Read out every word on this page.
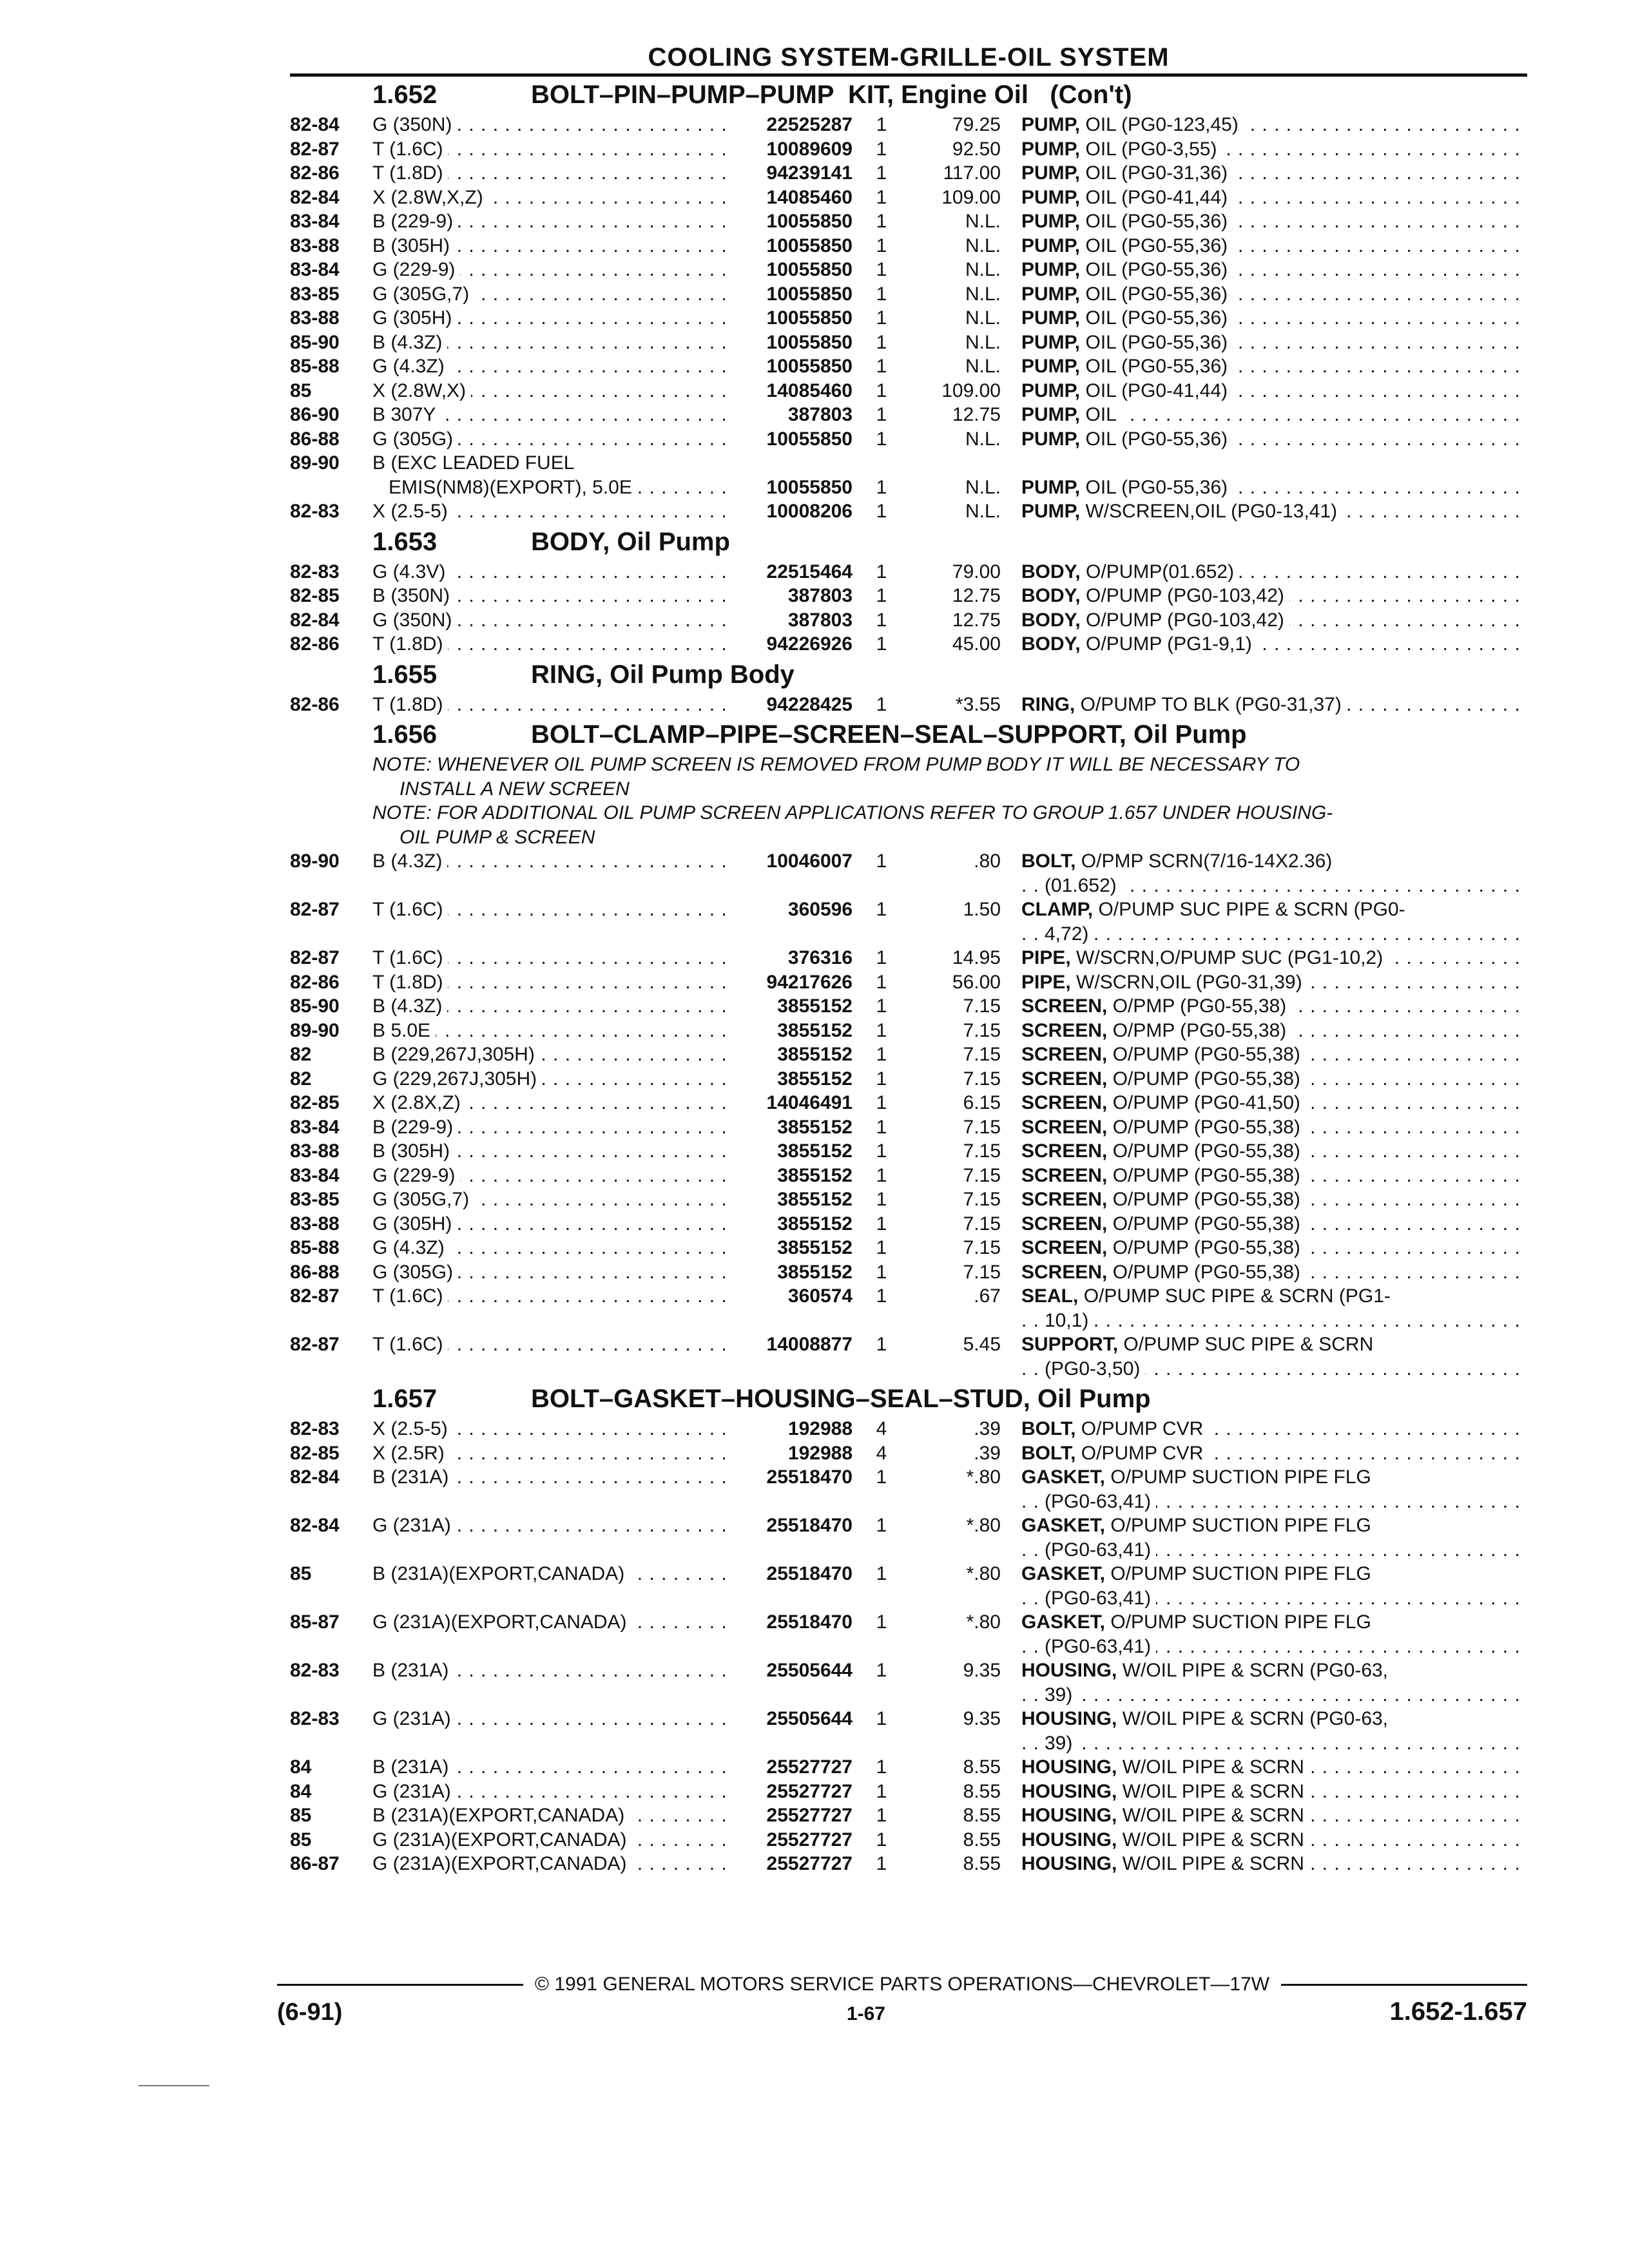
COOLING SYSTEM-GRILLE-OIL SYSTEM
1.652	BOLT–PIN–PUMP–PUMP  KIT, Engine Oil   (Con't)
82-84	G (350N) . . .	22525287	1	79.25	PUMP, OIL (PG0-123,45) . . .
82-87	T (1.6C) . . .	10089609	1	92.50	PUMP, OIL (PG0-3,55) . . .
82-86	T (1.8D) . . .	94239141	1	117.00	PUMP, OIL (PG0-31,36) . . .
82-84	X (2.8W,X,Z) . . .	14085460	1	109.00	PUMP, OIL (PG0-41,44) . . .
83-84	B (229-9) . . .	10055850	1	N.L.	PUMP, OIL (PG0-55,36) . . .
83-88	B (305H) . . .	10055850	1	N.L.	PUMP, OIL (PG0-55,36) . . .
83-84	G (229-9) . . .	10055850	1	N.L.	PUMP, OIL (PG0-55,36) . . .
83-85	G (305G,7) . . .	10055850	1	N.L.	PUMP, OIL (PG0-55,36) . . .
83-88	G (305H) . . .	10055850	1	N.L.	PUMP, OIL (PG0-55,36) . . .
85-90	B (4.3Z) . . .	10055850	1	N.L.	PUMP, OIL (PG0-55,36) . . .
85-88	G (4.3Z) . . .	10055850	1	N.L.	PUMP, OIL (PG0-55,36) . . .
85	X (2.8W,X) . . .	14085460	1	109.00	PUMP, OIL (PG0-41,44) . . .
86-90	B 307Y . . .	387803	1	12.75	PUMP, OIL . . .
86-88	G (305G) . . .	10055850	1	N.L.	PUMP, OIL (PG0-55,36) . . .
89-90	B (EXC LEADED FUEL
EMIS(NM8)(EXPORT), 5.0E . . .	10055850	1	N.L.	PUMP, OIL (PG0-55,36) . . .
82-83	X (2.5-5) . . .	10008206	1	N.L.	PUMP, W/SCREEN,OIL (PG0-13,41) . . .
1.653	BODY, Oil Pump
82-83	G (4.3V) . . .	22515464	1	79.00	BODY, O/PUMP(01.652) . . .
82-85	B (350N) . . .	387803	1	12.75	BODY, O/PUMP (PG0-103,42) . . .
82-84	G (350N) . . .	387803	1	12.75	BODY, O/PUMP (PG0-103,42) . . .
82-86	T (1.8D) . . .	94226926	1	45.00	BODY, O/PUMP (PG1-9,1) . . .
1.655	RING, Oil Pump Body
82-86	T (1.8D) . . .	94228425	1	*3.55	RING, O/PUMP TO BLK (PG0-31,37) . . .
1.656	BOLT–CLAMP–PIPE–SCREEN–SEAL–SUPPORT, Oil Pump
NOTE: WHENEVER OIL PUMP SCREEN IS REMOVED FROM PUMP BODY IT WILL BE NECESSARY TO
INSTALL A NEW SCREEN
NOTE: FOR ADDITIONAL OIL PUMP SCREEN APPLICATIONS REFER TO GROUP 1.657 UNDER HOUSING-
OIL PUMP & SCREEN
89-90	B (4.3Z) . . .	10046007	1	.80	BOLT, O/PMP SCRN(7/16-14X2.36)
(01.652) . . .
82-87	T (1.6C) . . .	360596	1	1.50	CLAMP, O/PUMP SUC PIPE & SCRN (PG0-
4,72) . . .
82-87	T (1.6C) . . .	376316	1	14.95	PIPE, W/SCRN,O/PUMP SUC (PG1-10,2) . . .
82-86	T (1.8D) . . .	94217626	1	56.00	PIPE, W/SCRN,OIL (PG0-31,39) . . .
85-90	B (4.3Z) . . .	3855152	1	7.15	SCREEN, O/PMP (PG0-55,38) . . .
89-90	B 5.0E . . .	3855152	1	7.15	SCREEN, O/PMP (PG0-55,38) . . .
82	B (229,267J,305H) . . .	3855152	1	7.15	SCREEN, O/PUMP (PG0-55,38) . . .
82	G (229,267J,305H) . . .	3855152	1	7.15	SCREEN, O/PUMP (PG0-55,38) . . .
82-85	X (2.8X,Z) . . .	14046491	1	6.15	SCREEN, O/PUMP (PG0-41,50) . . .
83-84	B (229-9) . . .	3855152	1	7.15	SCREEN, O/PUMP (PG0-55,38) . . .
83-88	B (305H) . . .	3855152	1	7.15	SCREEN, O/PUMP (PG0-55,38) . . .
83-84	G (229-9) . . .	3855152	1	7.15	SCREEN, O/PUMP (PG0-55,38) . . .
83-85	G (305G,7) . . .	3855152	1	7.15	SCREEN, O/PUMP (PG0-55,38) . . .
83-88	G (305H) . . .	3855152	1	7.15	SCREEN, O/PUMP (PG0-55,38) . . .
85-88	G (4.3Z) . . .	3855152	1	7.15	SCREEN, O/PUMP (PG0-55,38) . . .
86-88	G (305G) . . .	3855152	1	7.15	SCREEN, O/PUMP (PG0-55,38) . . .
82-87	T (1.6C) . . .	360574	1	.67	SEAL, O/PUMP SUC PIPE & SCRN (PG1-
10,1) . . .
82-87	T (1.6C) . . .	14008877	1	5.45	SUPPORT, O/PUMP SUC PIPE & SCRN
(PG0-3,50) . . .
1.657	BOLT–GASKET–HOUSING–SEAL–STUD, Oil Pump
82-83	X (2.5-5) . . .	192988	4	.39	BOLT, O/PUMP CVR . . .
82-85	X (2.5R) . . .	192988	4	.39	BOLT, O/PUMP CVR . . .
82-84	B (231A) . . .	25518470	1	*.80	GASKET, O/PUMP SUCTION PIPE FLG
(PG0-63,41) . . .
82-84	G (231A) . . .	25518470	1	*.80	GASKET, O/PUMP SUCTION PIPE FLG
(PG0-63,41) . . .
85	B (231A)(EXPORT,CANADA) . . .	25518470	1	*.80	GASKET, O/PUMP SUCTION PIPE FLG
(PG0-63,41) . . .
85-87	G (231A)(EXPORT,CANADA) . . .	25518470	1	*.80	GASKET, O/PUMP SUCTION PIPE FLG
(PG0-63,41) . . .
82-83	B (231A) . . .	25505644	1	9.35	HOUSING, W/OIL PIPE & SCRN (PG0-63,
39) . . .
82-83	G (231A) . . .	25505644	1	9.35	HOUSING, W/OIL PIPE & SCRN (PG0-63,
39) . . .
84	B (231A) . . .	25527727	1	8.55	HOUSING, W/OIL PIPE & SCRN . . .
84	G (231A) . . .	25527727	1	8.55	HOUSING, W/OIL PIPE & SCRN . . .
85	B (231A)(EXPORT,CANADA) . . .	25527727	1	8.55	HOUSING, W/OIL PIPE & SCRN . . .
85	G (231A)(EXPORT,CANADA) . . .	25527727	1	8.55	HOUSING, W/OIL PIPE & SCRN . . .
86-87	G (231A)(EXPORT,CANADA) . . .	25527727	1	8.55	HOUSING, W/OIL PIPE & SCRN . . .
© 1991 GENERAL MOTORS SERVICE PARTS OPERATIONS—CHEVROLET—17W
(6-91)	1-67	1.652-1.657
